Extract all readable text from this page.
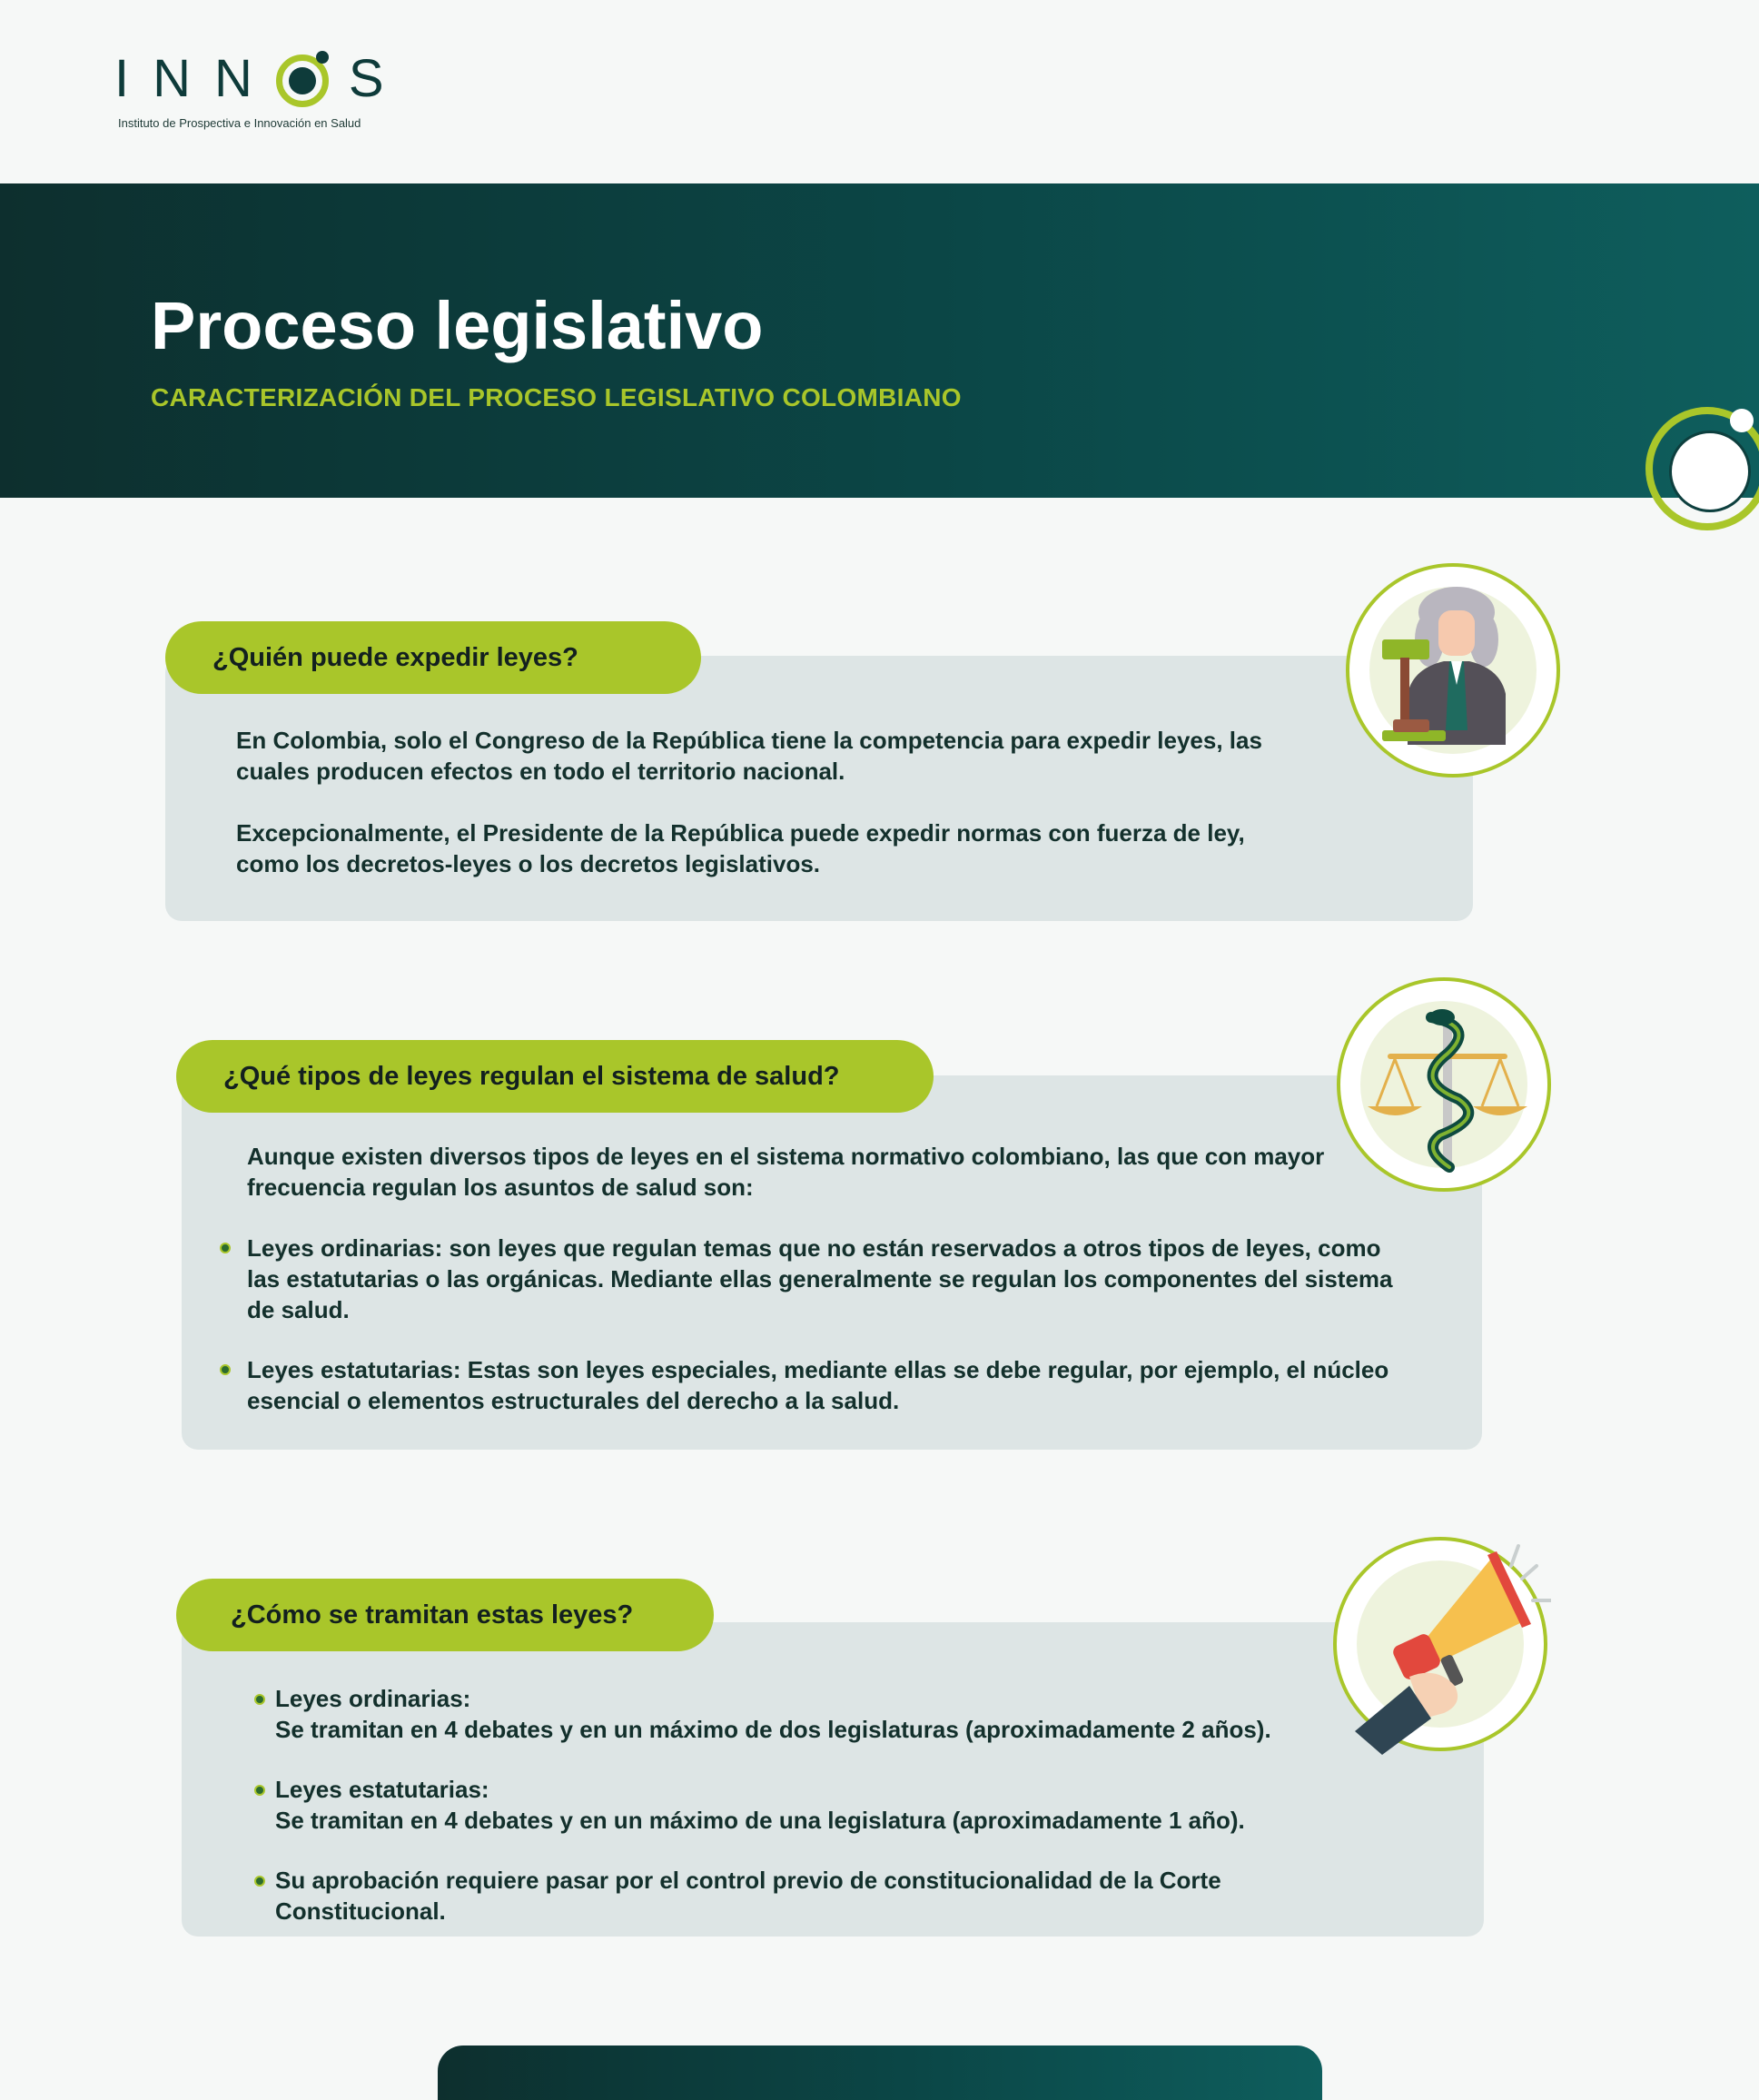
I N N S
Instituto de Prospectiva e Innovación en Salud
Proceso legislativo

CARACTERIZACIÓN DEL PROCESO LEGISLATIVO COLOMBIANO

¿Quién puede expedir leyes?

En Colombia, solo el Congreso de la República tiene la competencia para expedir leyes, las cuales producen efectos en todo el territorio nacional.

Excepcionalmente, el Presidente de la República puede expedir normas con fuerza de ley, como los decretos-leyes o los decretos legislativos.

¿Qué tipos de leyes regulan el sistema de salud?

Aunque existen diversos tipos de leyes en el sistema normativo colombiano, las que con mayor frecuencia regulan los asuntos de salud son:

Leyes ordinarias: son leyes que regulan temas que no están reservados a otros tipos de leyes, como las estatutarias o las orgánicas. Mediante ellas generalmente se regulan los componentes del sistema de salud.

Leyes estatutarias: Estas son leyes especiales, mediante ellas se debe regular, por ejemplo, el núcleo esencial o elementos estructurales del derecho a la salud.

¿Cómo se tramitan estas leyes?

Leyes ordinarias:

Se tramitan en 4 debates y en un máximo de dos legislaturas (aproximadamente 2 años).

Leyes estatutarias:

Se tramitan en 4 debates y en un máximo de una legislatura (aproximadamente 1 año).

Su aprobación requiere pasar por el control previo de constitucionalidad de la Corte Constitucional.
